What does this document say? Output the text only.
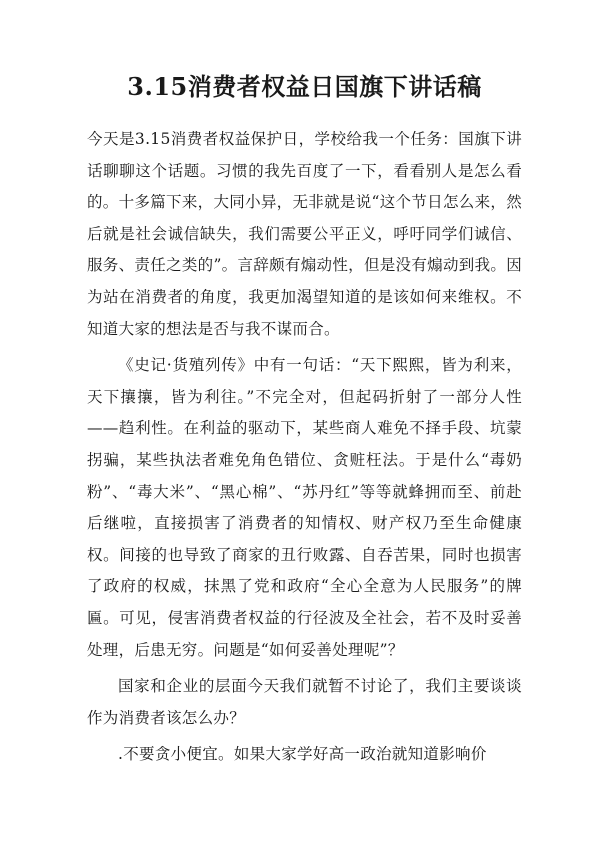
3.15消费者权益日国旗下讲话稿

今天是3.15消费者权益保护日，学校给我一个任务：国旗下讲话聊聊这个话题。习惯的我先百度了一下，看看别人是怎么看的。十多篇下来，大同小异，无非就是说“这个节日怎么来，然后就是社会诚信缺失，我们需要公平正义，呼吁同学们诚信、服务、责任之类的”。言辞颇有煽动性，但是没有煽动到我。因为站在消费者的角度，我更加渴望知道的是该如何来维权。不知道大家的想法是否与我不谋而合。

《史记·货殖列传》中有一句话：“天下熙熙，皆为利来，天下攘攘，皆为利往。”不完全对，但起码折射了一部分人性——趋利性。在利益的驱动下，某些商人难免不择手段、坑蒙拐骗，某些执法者难免角色错位、贪赃枉法。于是什么“毒奶粉”、“毒大米”、“黑心棉”、“苏丹红”等等就蜂拥而至、前赴后继啦，直接损害了消费者的知情权、财产权乃至生命健康权。间接的也导致了商家的丑行败露、自吞苦果，同时也损害了政府的权威，抹黑了党和政府“全心全意为人民服务”的牌匾。可见，侵害消费者权益的行径波及全社会，若不及时妥善处理，后患无穷。问题是“如何妥善处理呢”？

国家和企业的层面今天我们就暂不讨论了，我们主要谈谈作为消费者该怎么办？

.不要贪小便宜。如果大家学好高一政治就知道影响价
